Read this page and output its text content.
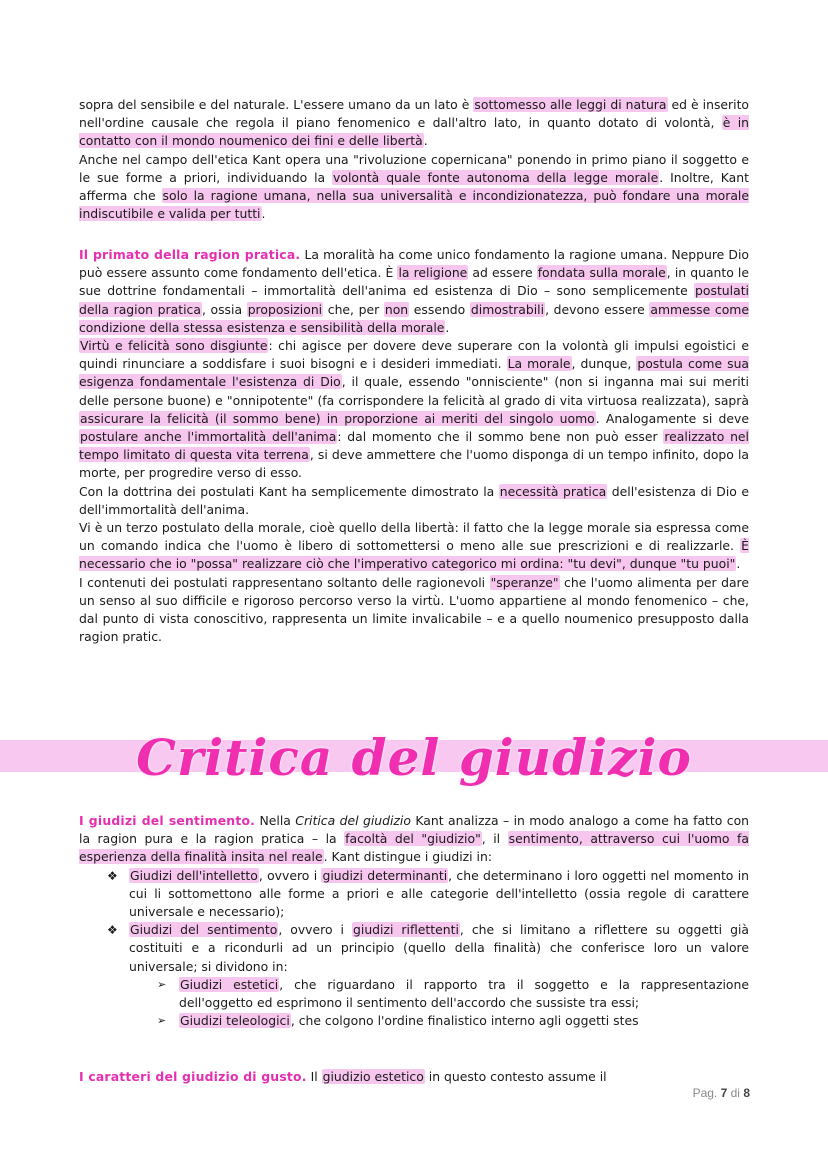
sopra del sensibile e del naturale. L'essere umano da un lato è sottomesso alle leggi di natura ed è inserito nell'ordine causale che regola il piano fenomenico e dall'altro lato, in quanto dotato di volontà, è in contatto con il mondo noumenico dei fini e delle libertà.

Anche nel campo dell'etica Kant opera una "rivoluzione copernicana" ponendo in primo piano il soggetto e le sue forme a priori, individuando la volontà quale fonte autonoma della legge morale. Inoltre, Kant afferma che solo la ragione umana, nella sua universalità e incondizionatezza, può fondare una morale indiscutibile e valida per tutti.

Il primato della ragion pratica. La moralità ha come unico fondamento la ragione umana. Neppure Dio può essere assunto come fondamento dell'etica. È la religione ad essere fondata sulla morale, in quanto le sue dottrine fondamentali – immortalità dell'anima ed esistenza di Dio – sono semplicemente postulati della ragion pratica, ossia proposizioni che, per non essendo dimostrabili, devono essere ammesse come condizione della stessa esistenza e sensibilità della morale.

Virtù e felicità sono disgiunte: chi agisce per dovere deve superare con la volontà gli impulsi egoistici e quindi rinunciare a soddisfare i suoi bisogni e i desideri immediati. La morale, dunque, postula come sua esigenza fondamentale l'esistenza di Dio, il quale, essendo "onnisciente" (non si inganna mai sui meriti delle persone buone) e "onnipotente" (fa corrispondere la felicità al grado di vita virtuosa realizzata), saprà assicurare la felicità (il sommo bene) in proporzione ai meriti del singolo uomo. Analogamente si deve postulare anche l'immortalità dell'anima: dal momento che il sommo bene non può esser realizzato nel tempo limitato di questa vita terrena, si deve ammettere che l'uomo disponga di un tempo infinito, dopo la morte, per progredire verso di esso.

Con la dottrina dei postulati Kant ha semplicemente dimostrato la necessità pratica dell'esistenza di Dio e dell'immortalità dell'anima.

Vi è un terzo postulato della morale, cioè quello della libertà: il fatto che la legge morale sia espressa come un comando indica che l'uomo è libero di sottomettersi o meno alle sue prescrizioni e di realizzarle. È necessario che io "possa" realizzare ciò che l'imperativo categorico mi ordina: "tu devi", dunque "tu puoi".

I contenuti dei postulati rappresentano soltanto delle ragionevoli "speranze" che l'uomo alimenta per dare un senso al suo difficile e rigoroso percorso verso la virtù. L'uomo appartiene al mondo fenomenico – che, dal punto di vista conoscitivo, rappresenta un limite invalicabile – e a quello noumenico presupposto dalla ragion pratic.

Critica del giudizio

I giudizi del sentimento. Nella Critica del giudizio Kant analizza – in modo analogo a come ha fatto con la ragion pura e la ragion pratica – la facoltà del "giudizio", il sentimento, attraverso cui l'uomo fa esperienza della finalità insita nel reale. Kant distingue i giudizi in:

❖ Giudizi dell'intelletto, ovvero i giudizi determinanti, che determinano i loro oggetti nel momento in cui li sottomettono alle forme a priori e alle categorie dell'intelletto (ossia regole di carattere universale e necessario);
❖ Giudizi del sentimento, ovvero i giudizi riflettenti, che si limitano a riflettere su oggetti già costituiti e a ricondurli ad un principio (quello della finalità) che conferisce loro un valore universale; si dividono in:
➢ Giudizi estetici, che riguardano il rapporto tra il soggetto e la rappresentazione dell'oggetto ed esprimono il sentimento dell'accordo che sussiste tra essi;
➢ Giudizi teleologici, che colgono l'ordine finalistico interno agli oggetti stes

I caratteri del giudizio di gusto. Il giudizio estetico in questo contesto assume il

Pag. 7 di 8
